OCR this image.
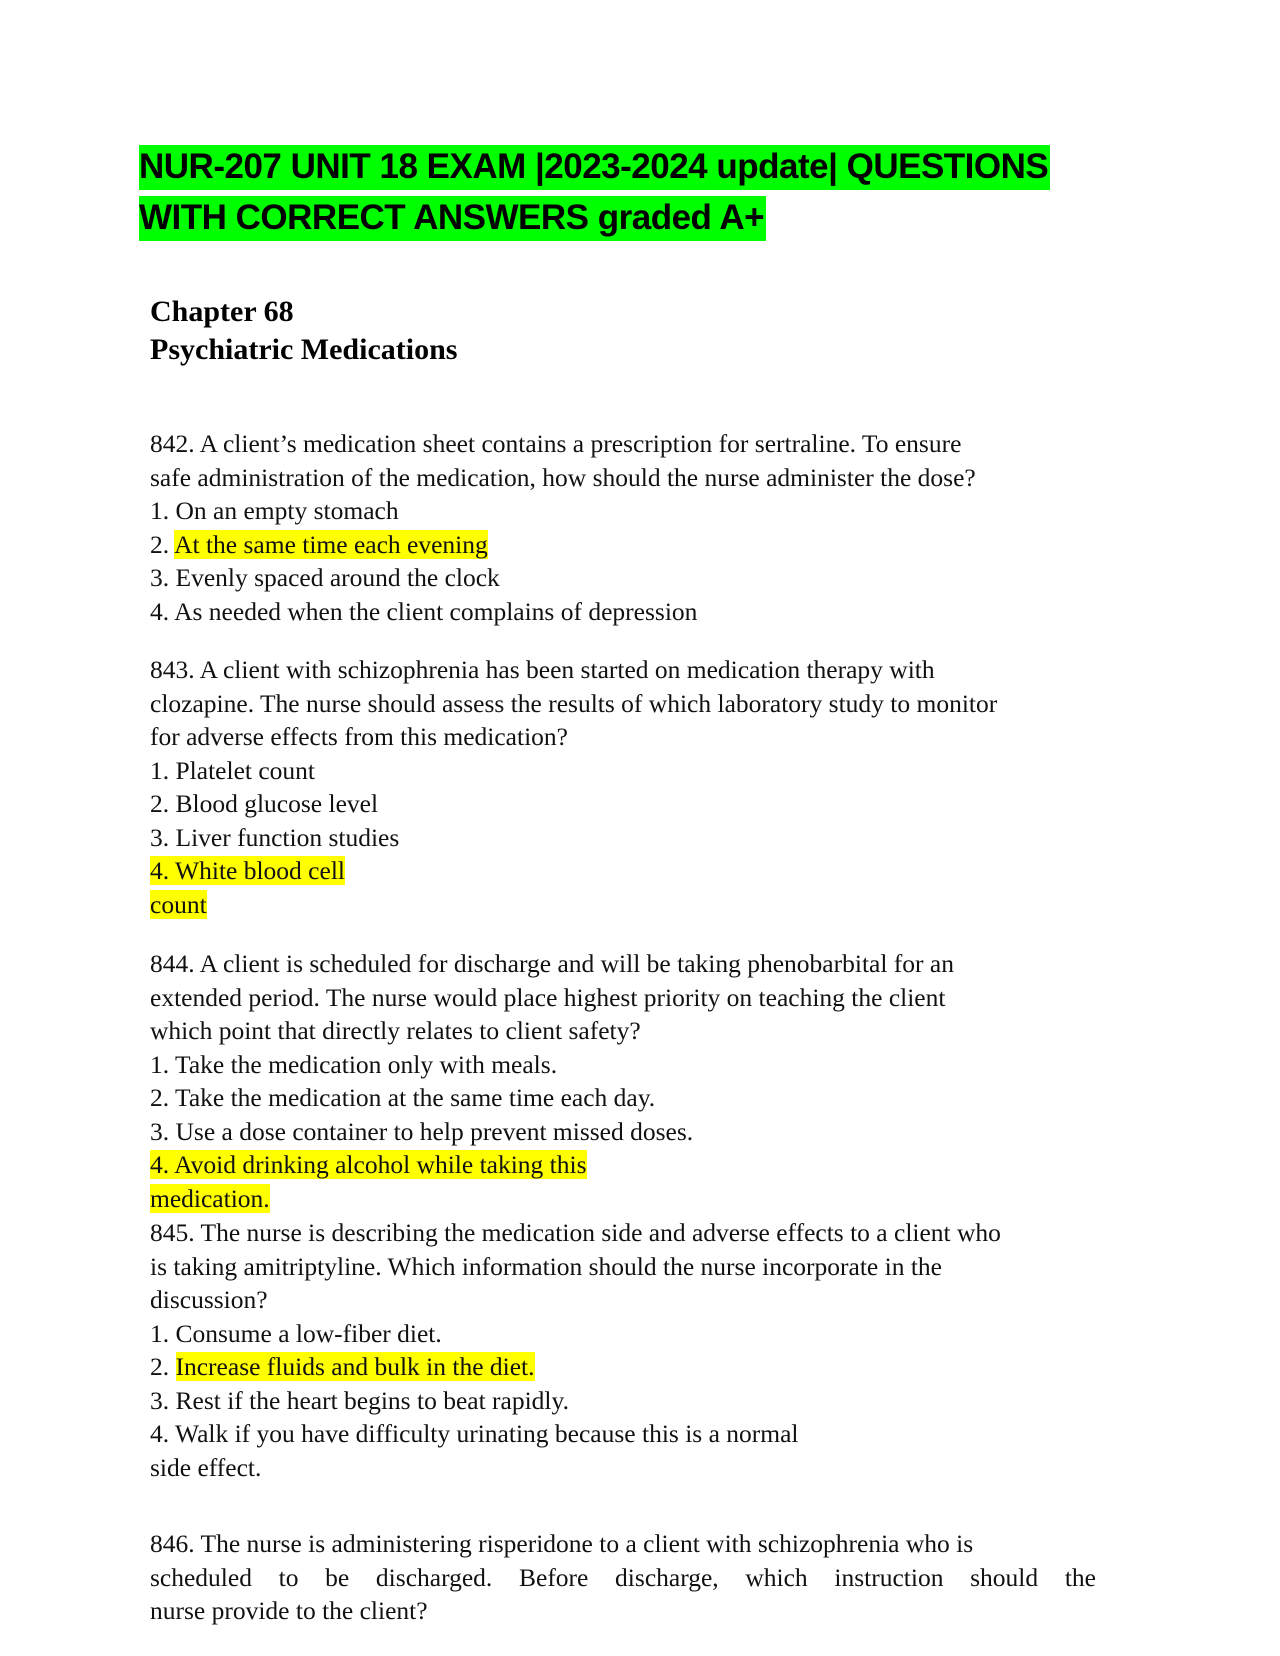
NUR-207 UNIT 18 EXAM |2023-2024 update| QUESTIONS
WITH CORRECT ANSWERS graded A+
Chapter 68
Psychiatric Medications
842. A client’s medication sheet contains a prescription for sertraline. To ensure
safe administration of the medication, how should the nurse administer the dose?
1. On an empty stomach
2. At the same time each evening
3. Evenly spaced around the clock
4. As needed when the client complains of depression
843. A client with schizophrenia has been started on medication therapy with
clozapine. The nurse should assess the results of which laboratory study to monitor
for adverse effects from this medication?
1. Platelet count
2. Blood glucose level
3. Liver function studies
4. White blood cell
count
844. A client is scheduled for discharge and will be taking phenobarbital for an
extended period. The nurse would place highest priority on teaching the client
which point that directly relates to client safety?
1. Take the medication only with meals.
2. Take the medication at the same time each day.
3. Use a dose container to help prevent missed doses.
4. Avoid drinking alcohol while taking this
medication.
845. The nurse is describing the medication side and adverse effects to a client who
is taking amitriptyline. Which information should the nurse incorporate in the
discussion?
1. Consume a low-fiber diet.
2. Increase fluids and bulk in the diet.
3. Rest if the heart begins to beat rapidly.
4. Walk if you have difficulty urinating because this is a normal
side effect.
846. The nurse is administering risperidone to a client with schizophrenia who is
scheduled to be discharged. Before discharge, which instruction should the
nurse provide to the client?
